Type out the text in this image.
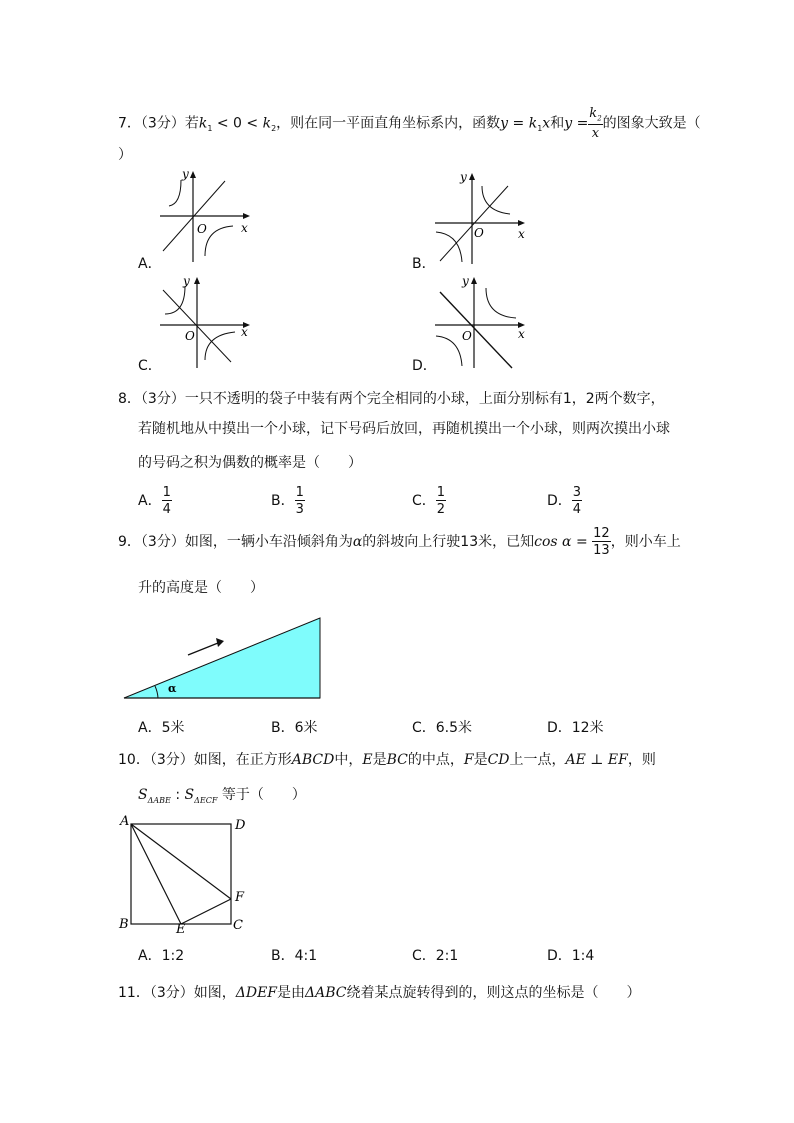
7．（3分）若$k_1 < 0 < k_2$，则在同一平面直角坐标系内，函数$y = k_1x$和$y = \frac{k_2}{x}$ 的图象大致是（
）
A．
y
x
O
B．
y
x
O
C．
y
x
O
D．
y
x
O
8．（3分）一只不透明的袋子中装有两个完全相同的小球，上面分别标有1，2两个数字，
若随机地从中摸出一个小球，记下号码后放回，再随机摸出一个小球，则两次摸出小球
的号码之积为偶数的概率是（　　）
A． $\frac{1}{4}$	B． $\frac{1}{3}$	C． $\frac{1}{2}$	D． $\frac{3}{4}$
9．（3分）如图，一辆小车沿倾斜角为α的斜坡向上行驶13米，已知$\cos \alpha = \frac{12}{13}$ ，则小车上
升的高度是（　　）
α
A．5米	B．6米	C．6.5米	D．12米
10．（3分）如图，在正方形ABCD中，E是BC的中点，F是CD上一点，AE ⊥ EF，则
$S_{\Delta ABE}$ : $S_{\Delta ECF}$ 等于（　　）
A	D
B	C
E
F
A．1:2	B．4:1	C．2:1	D．1:4
11．（3分）如图，ΔDEF是由ΔABC绕着某点旋转得到的，则这点的坐标是（　　）
